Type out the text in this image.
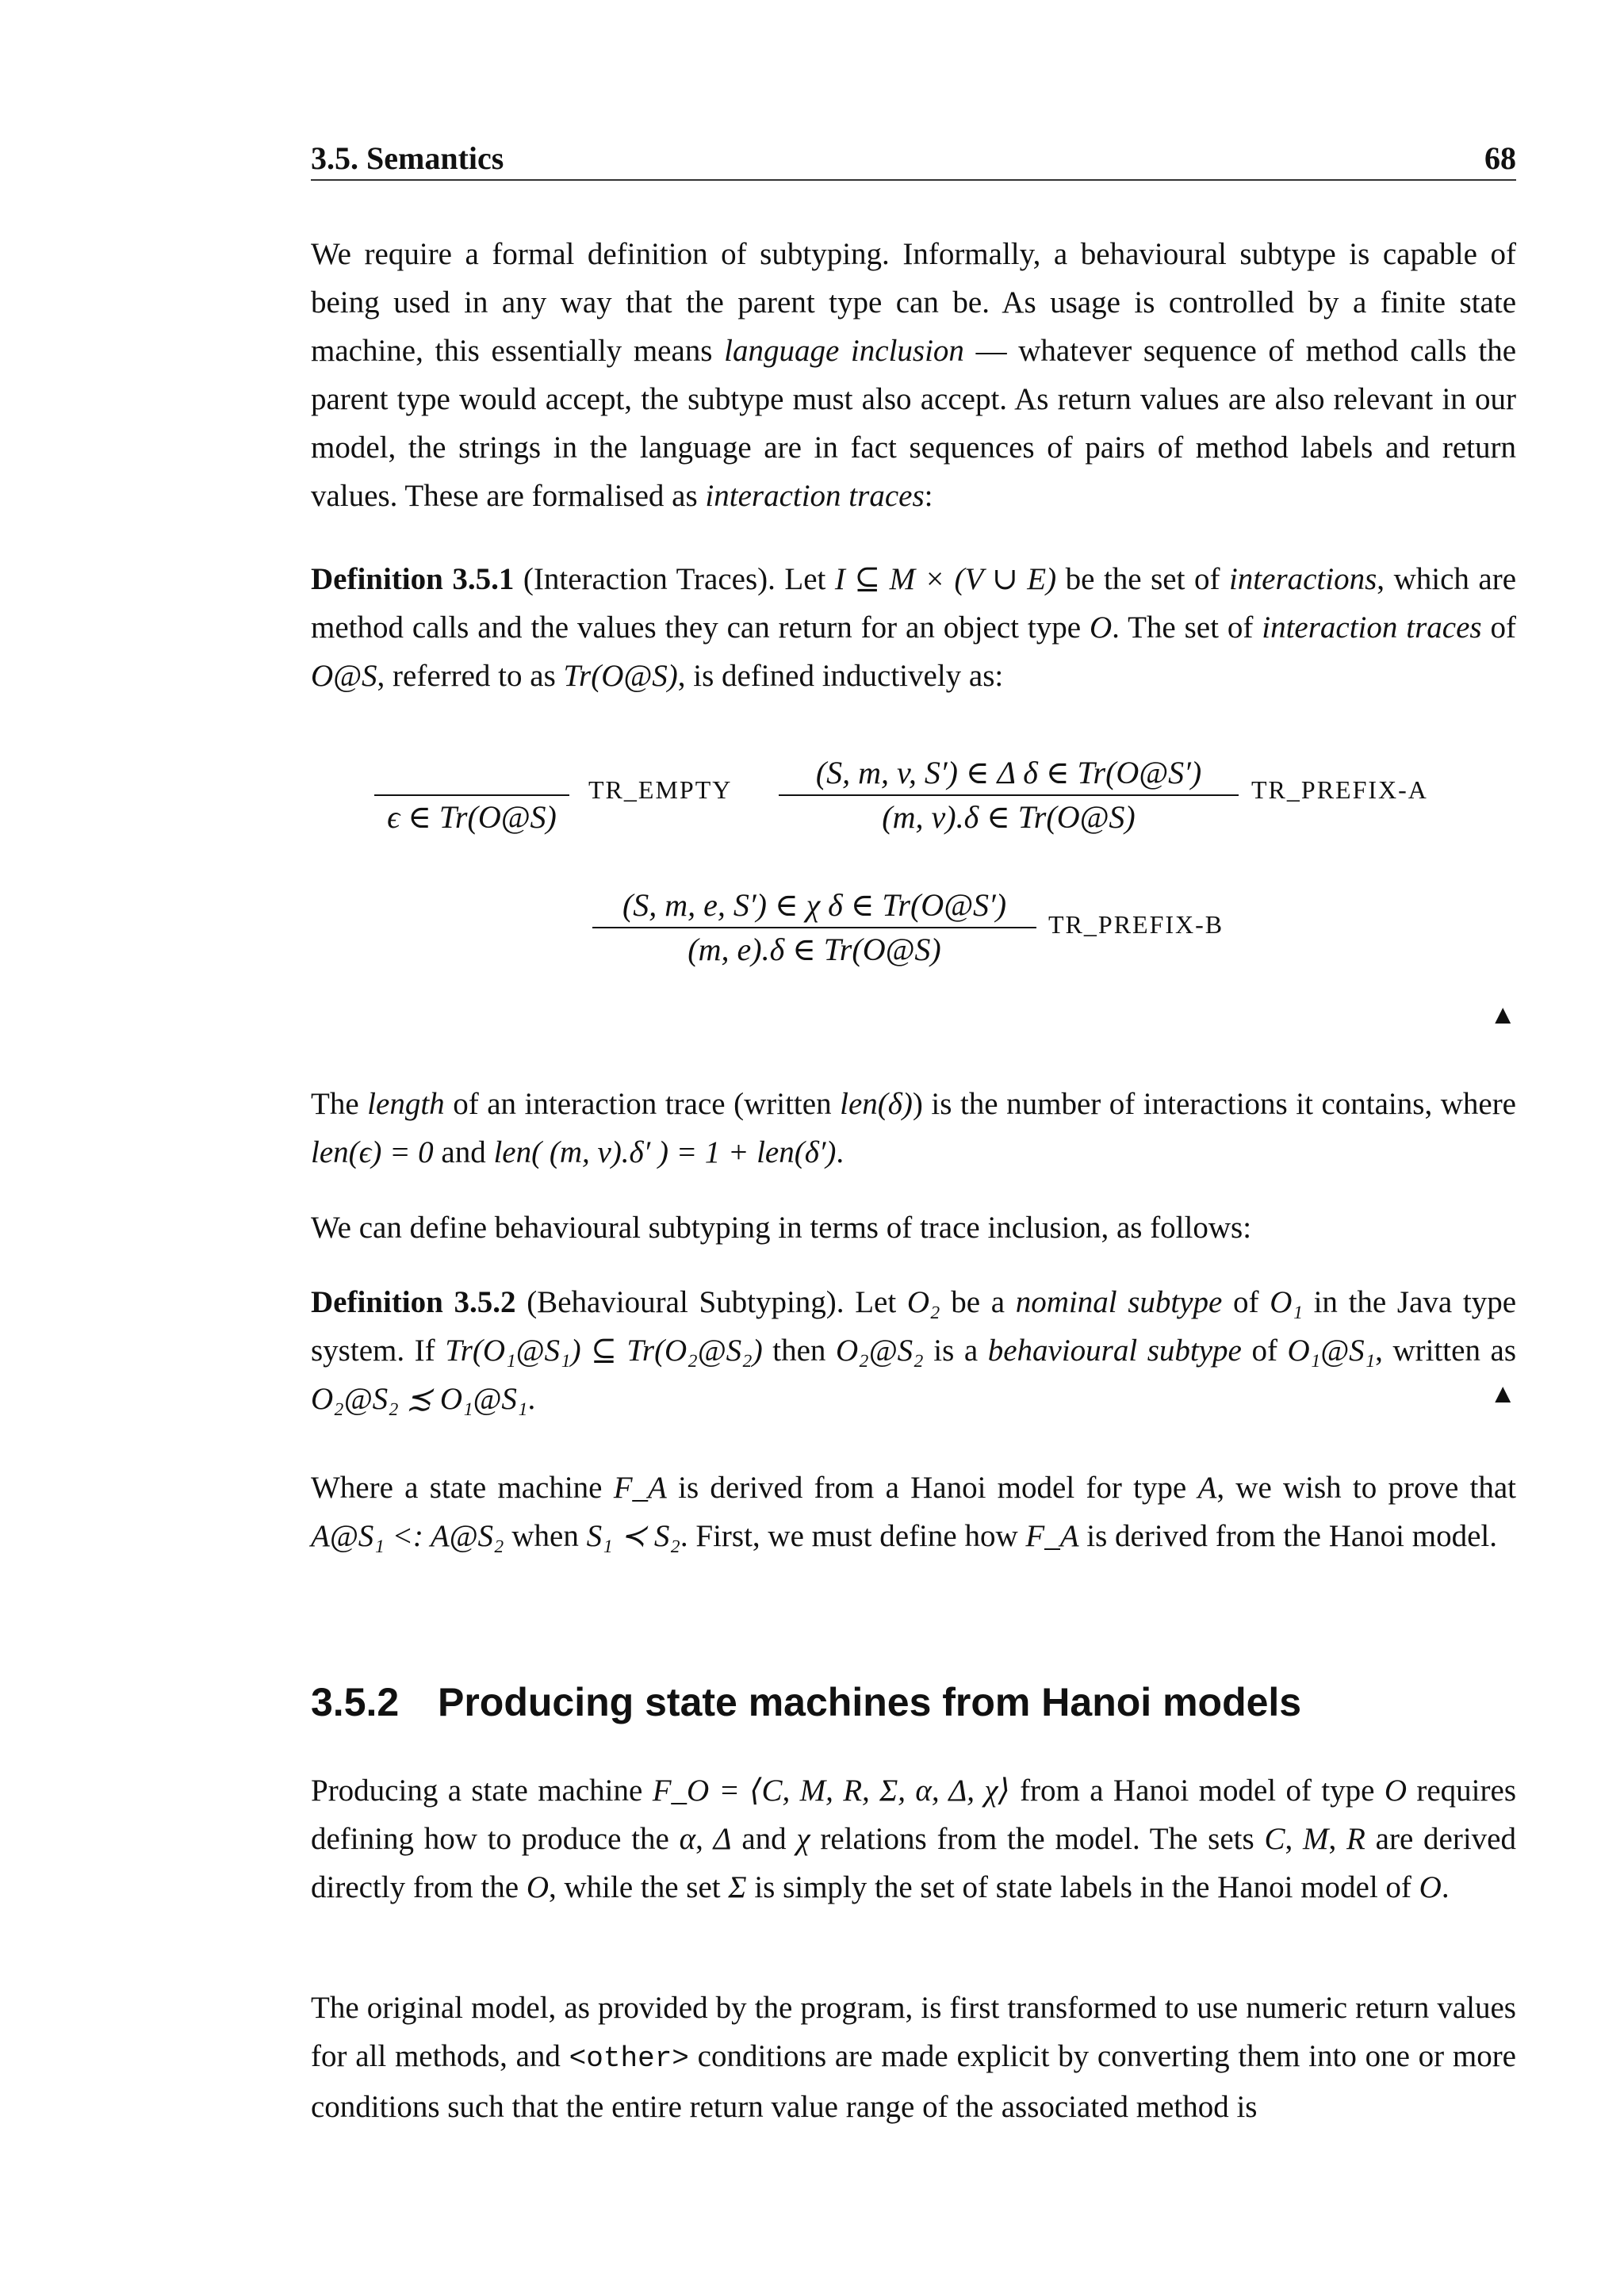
3.5. Semantics	68

We require a formal definition of subtyping. Informally, a behavioural subtype is capable of being used in any way that the parent type can be. As usage is controlled by a finite state machine, this essentially means language inclusion — whatever sequence of method calls the parent type would accept, the subtype must also accept. As return values are also relevant in our model, the strings in the language are in fact sequences of pairs of method labels and return values. These are formalised as interaction traces:

Definition 3.5.1 (Interaction Traces). Let I ⊆ M × (V ∪ E) be the set of interactions, which are method calls and the values they can return for an object type O. The set of interaction traces of O@S, referred to as Tr(O@S), is defined inductively as:

ϵ ∈ Tr(O@S)
TR_EMPTY	(S, m, v, S′) ∈ Δ δ ∈ Tr(O@S′)
(m, v).δ ∈ Tr(O@S)
TR_PREFIX-A
(S, m, e, S′) ∈ χ δ ∈ Tr(O@S′)
(m, e).δ ∈ Tr(O@S)
TR_PREFIX-B
▲

The length of an interaction trace (written len(δ)) is the number of interactions it contains, where len(ϵ) = 0 and len( (m, v).δ′ ) = 1 + len(δ′).

We can define behavioural subtyping in terms of trace inclusion, as follows:

Definition 3.5.2 (Behavioural Subtyping). Let O₂ be a nominal subtype of O₁ in the Java type system. If Tr(O₁@S₁) ⊆ Tr(O₂@S₂) then O₂@S₂ is a behavioural subtype of O₁@S₁, written as O₂@S₂ ≾ O₁@S₁.	▲

Where a state machine F_A is derived from a Hanoi model for type A, we wish to prove that A@S₁ <: A@S₂ when S₁ ≺ S₂. First, we must define how F_A is derived from the Hanoi model.

3.5.2 Producing state machines from Hanoi models

Producing a state machine F_O = ⟨C, M, R, Σ, α, Δ, χ⟩ from a Hanoi model of type O requires defining how to produce the α, Δ and χ relations from the model. The sets C, M, R are derived directly from the O, while the set Σ is simply the set of state labels in the Hanoi model of O.

The original model, as provided by the program, is first transformed to use numeric return values for all methods, and <other> conditions are made explicit by converting them into one or more conditions such that the entire return value range of the associated method is
